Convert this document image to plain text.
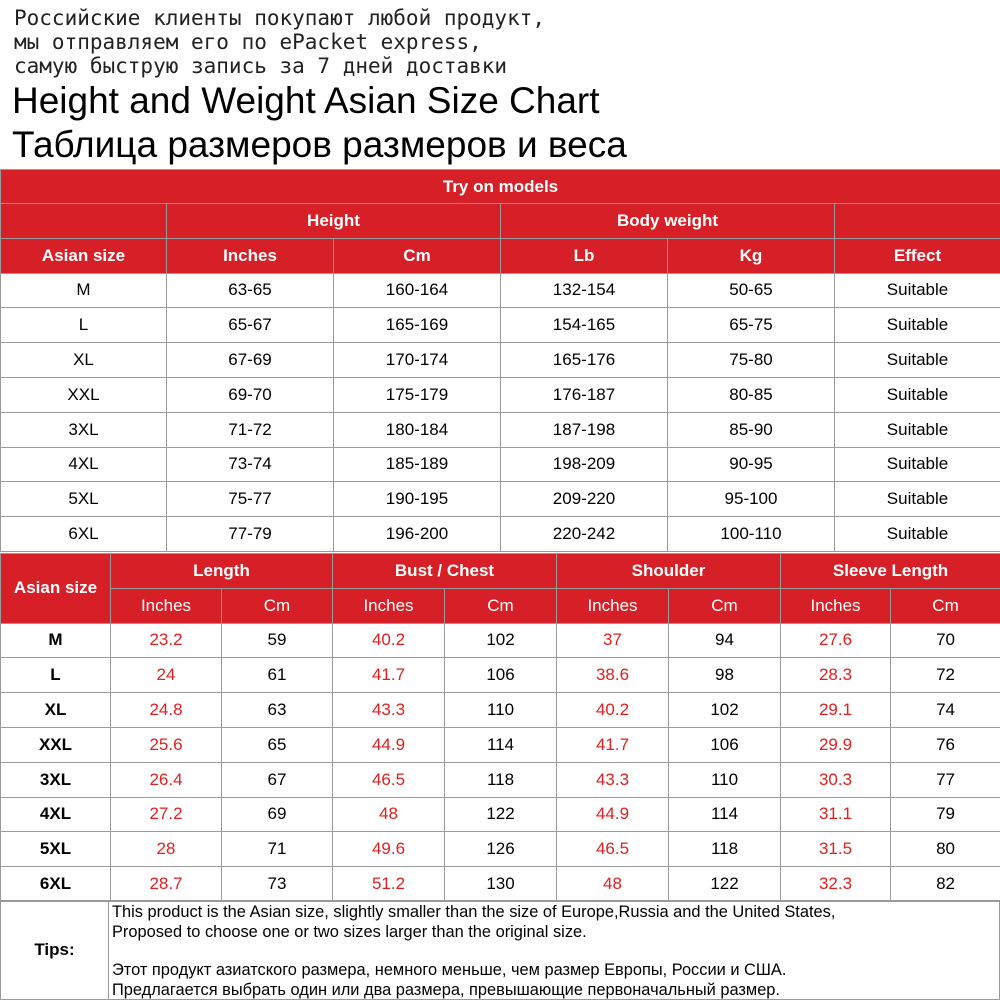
Российские клиенты покупают любой продукт,
мы отправляем его по ePacket express,
самую быструю запись за 7 дней доставки
Height and Weight Asian Size Chart
Таблица размеров размеров и веса
Try on models					
	Height		Body weight		
Asian size	Inches	Cm	Lb	Kg	Effect
M	63-65	160-164	132-154	50-65	Suitable
L	65-67	165-169	154-165	65-75	Suitable
XL	67-69	170-174	165-176	75-80	Suitable
XXL	69-70	175-179	176-187	80-85	Suitable
3XL	71-72	180-184	187-198	85-90	Suitable
4XL	73-74	185-189	198-209	90-95	Suitable
5XL	75-77	190-195	209-220	95-100	Suitable
6XL	77-79	196-200	220-242	100-110	Suitable
Asian size	Length		Bust / Chest		Shoulder		Sleeve Length	
	Inches	Cm	Inches	Cm	Inches	Cm	Inches	Cm
M	23.2	59	40.2	102	37	94	27.6	70
L	24	61	41.7	106	38.6	98	28.3	72
XL	24.8	63	43.3	110	40.2	102	29.1	74
XXL	25.6	65	44.9	114	41.7	106	29.9	76
3XL	26.4	67	46.5	118	43.3	110	30.3	77
4XL	27.2	69	48	122	44.9	114	31.1	79
5XL	28	71	49.6	126	46.5	118	31.5	80
6XL	28.7	73	51.2	130	48	122	32.3	82
Tips:
This product is the Asian size, slightly smaller than the size of Europe,Russia and the United States,
Proposed to choose one or two sizes larger than the original size.
Этот продукт азиатского размера, немного меньше, чем размер Европы, России и США.
Предлагается выбрать один или два размера, превышающие первоначальный размер.
